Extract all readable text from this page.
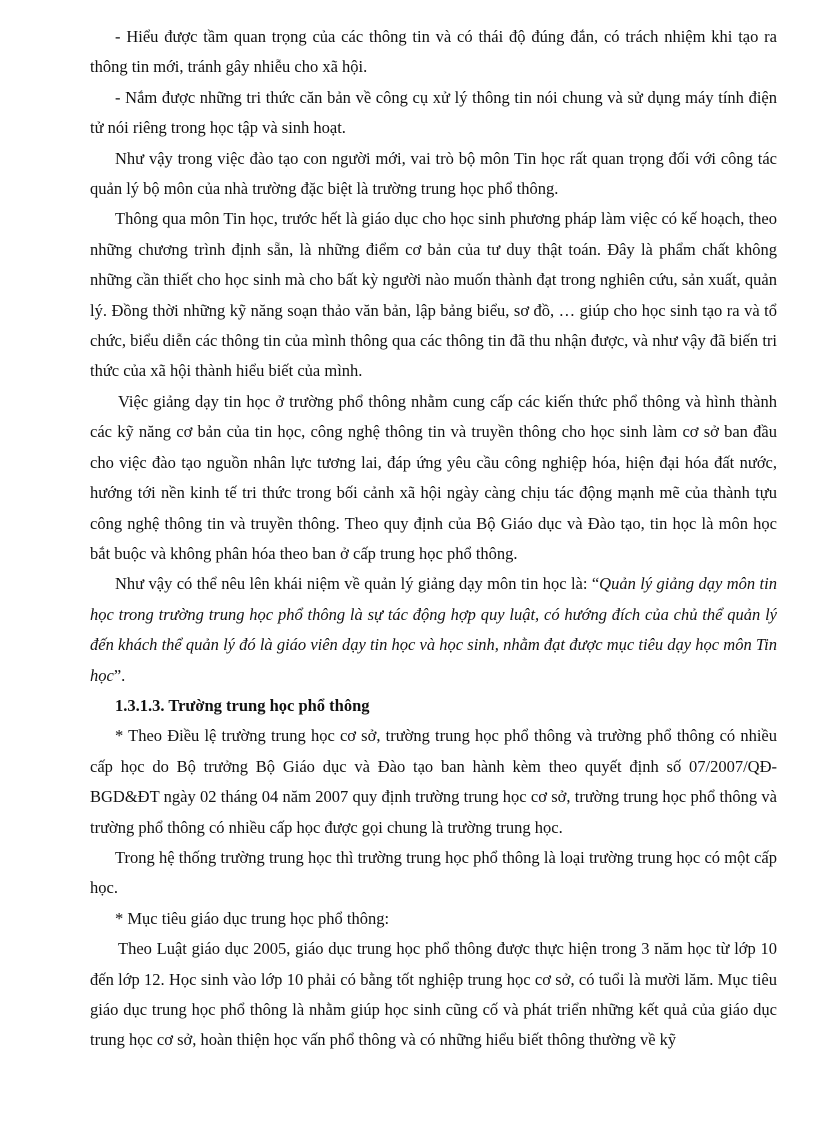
- Hiểu được tầm quan trọng của các thông tin và có thái độ đúng đắn, có trách nhiệm khi tạo ra thông tin mới, tránh gây nhiễu cho xã hội.

- Nắm được những tri thức căn bản về công cụ xử lý thông tin nói chung và sử dụng máy tính điện tử nói riêng trong học tập và sinh hoạt.

Như vậy trong việc đào tạo con người mới, vai trò bộ môn Tin học rất quan trọng đối với công tác quản lý bộ môn của nhà trường đặc biệt là trường trung học phổ thông.

Thông qua môn Tin học, trước hết là giáo dục cho học sinh phương pháp làm việc có kế hoạch, theo những chương trình định sẵn, là những điểm cơ bản của tư duy thật toán. Đây là phẩm chất không những cần thiết cho học sinh mà cho bất kỳ người nào muốn thành đạt trong nghiên cứu, sản xuất, quản lý. Đồng thời những kỹ năng soạn thảo văn bản, lập bảng biểu, sơ đồ, … giúp cho học sinh tạo ra và tổ chức, biểu diễn các thông tin của mình thông qua các thông tin đã thu nhận được, và như vậy đã biến tri thức của xã hội thành hiểu biết của mình.

Việc giảng dạy tin học ở trường phổ thông nhằm cung cấp các kiến thức phổ thông và hình thành các kỹ năng cơ bản của tin học, công nghệ thông tin và truyền thông cho học sinh làm cơ sở ban đầu cho việc đào tạo nguồn nhân lực tương lai, đáp ứng yêu cầu công nghiệp hóa, hiện đại hóa đất nước, hướng tới nền kinh tế tri thức trong bối cảnh xã hội ngày càng chịu tác động mạnh mẽ của thành tựu công nghệ thông tin và truyền thông. Theo quy định của Bộ Giáo dục và Đào tạo, tin học là môn học bắt buộc và không phân hóa theo ban ở cấp trung học phổ thông.

Như vậy có thể nêu lên khái niệm về quản lý giảng dạy môn tin học là: “Quản lý giảng dạy môn tin học trong trường trung học phổ thông là sự tác động hợp quy luật, có hướng đích của chủ thể quản lý đến khách thể quản lý đó là giáo viên dạy tin học và học sinh, nhằm đạt được mục tiêu dạy học môn Tin học”.

1.3.1.3. Trường trung học phổ thông

* Theo Điều lệ trường trung học cơ sở, trường trung học phổ thông và trường phổ thông có nhiều cấp học do Bộ trưởng Bộ Giáo dục và Đào tạo ban hành kèm theo quyết định số 07/2007/QĐ-BGD&ĐT ngày 02 tháng 04 năm 2007 quy định trường trung học cơ sở, trường trung học phổ thông và trường phổ thông có nhiều cấp học được gọi chung là trường trung học.

Trong hệ thống trường trung học thì trường trung học phổ thông là loại trường trung học có một cấp học.

* Mục tiêu giáo dục trung học phổ thông:

Theo Luật giáo dục 2005, giáo dục trung học phổ thông được thực hiện trong 3 năm học từ lớp 10 đến lớp 12. Học sinh vào lớp 10 phải có bằng tốt nghiệp trung học cơ sở, có tuổi là mười lăm. Mục tiêu giáo dục trung học phổ thông là nhằm giúp học sinh cũng cố và phát triển những kết quả của giáo dục trung học cơ sở, hoàn thiện học vấn phổ thông và có những hiểu biết thông thường về kỹ
